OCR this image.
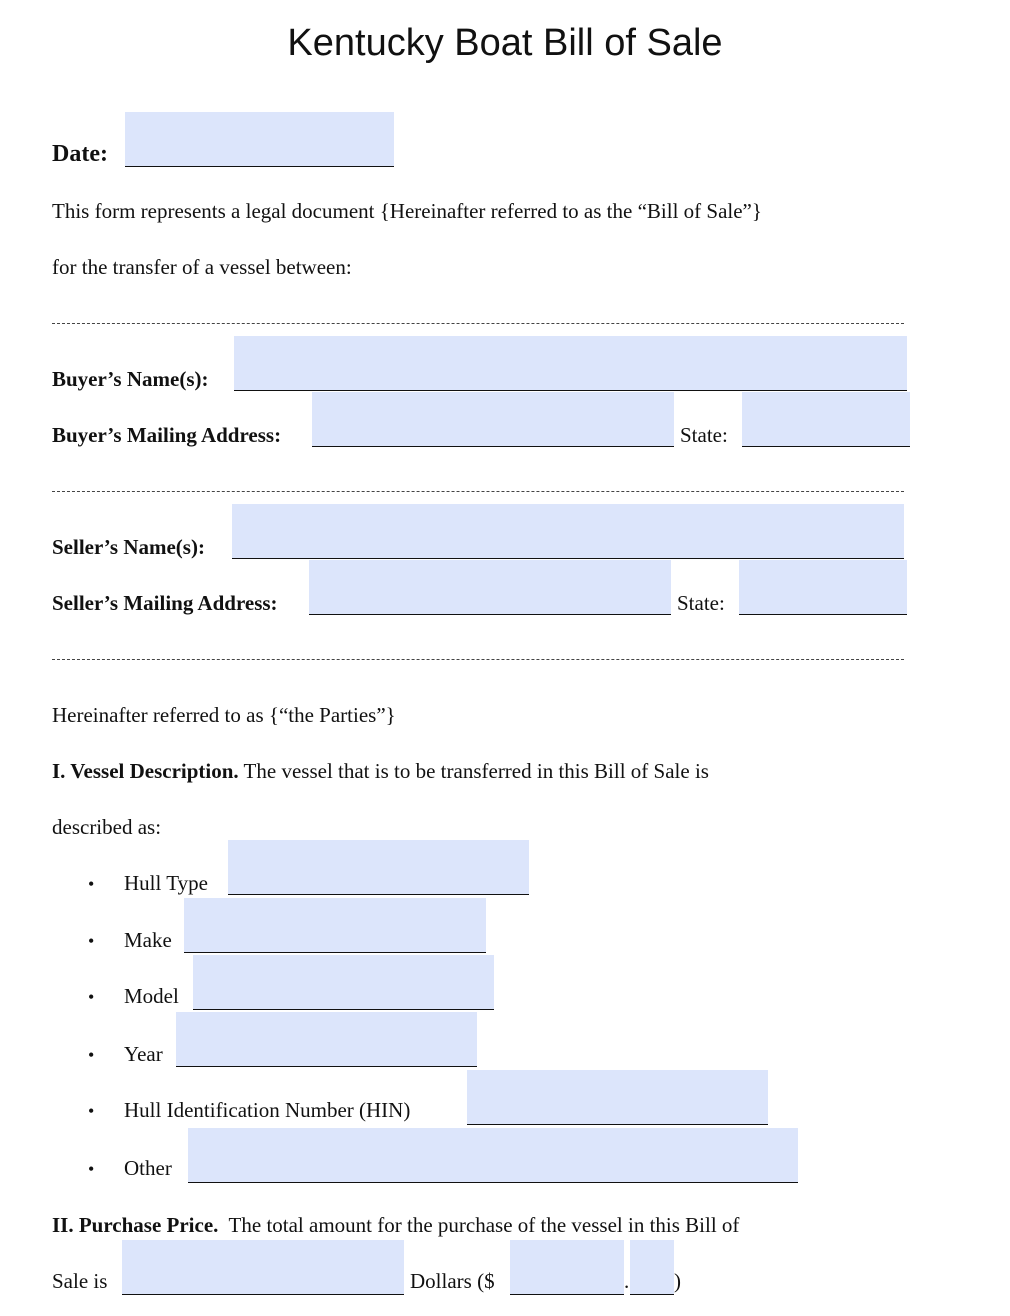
Kentucky Boat Bill of Sale
Date:
This form represents a legal document {Hereinafter referred to as the “Bill of Sale”}
for the transfer of a vessel between:
Buyer’s Name(s):
Buyer’s Mailing Address:	State:
Seller’s Name(s):
Seller’s Mailing Address:	State:
Hereinafter referred to as {“the Parties”}
I. Vessel Description. The vessel that is to be transferred in this Bill of Sale is
described as:
• Hull Type
• Make
• Model
• Year
• Hull Identification Number (HIN)
• Other
II. Purchase Price.  The total amount for the purchase of the vessel in this Bill of
Sale is	Dollars ($	. )
